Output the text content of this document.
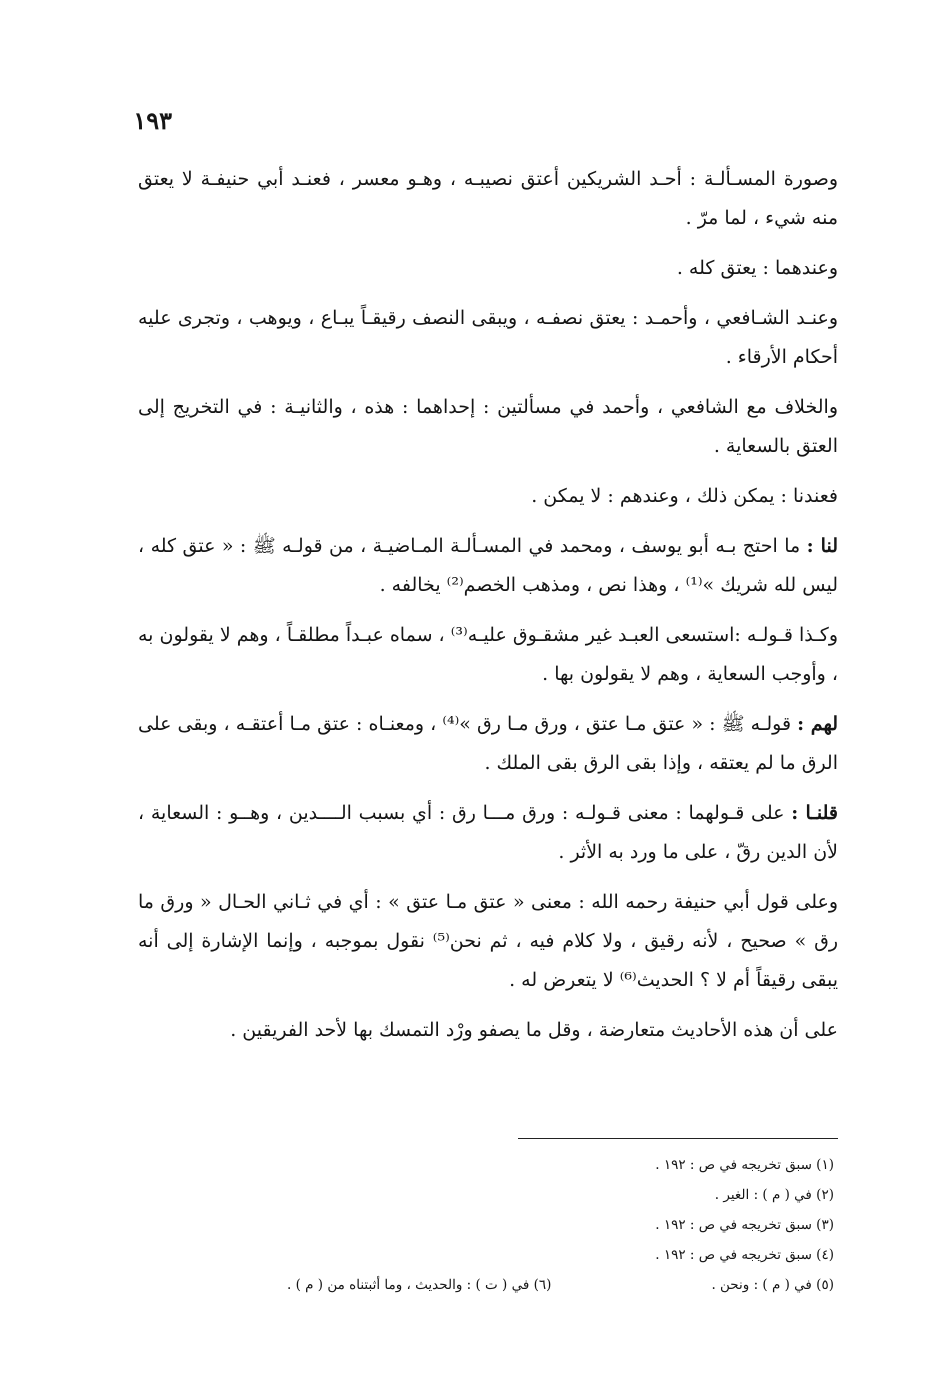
١٩٣

وصورة المسـألـة : أحـد الشريكين أعتق نصيبـه ، وهـو معسر ، فعنـد أبي حنيفـة لا يعتق منه شيء ، لما مرّ .

وعندهما : يعتق كله .

وعنـد الشـافعي ، وأحمـد : يعتق نصفـه ، ويبقى النصف رقيقـاً يبـاع ، ويوهب ، وتجرى عليه أحكام الأرقاء .

والخلاف مع الشافعي ، وأحمد في مسألتين : إحداهما : هذه ، والثانيـة : في التخريج إلى العتق بالسعاية .

فعندنا : يمكن ذلك ، وعندهم : لا يمكن .

لنا : ما احتج بـه أبو يوسف ، ومحمد في المسـألـة المـاضيـة ، من قولـه ﷺ : « عتق كله ، ليس لله شريك »⁽¹⁾ ، وهذا نص ، ومذهب الخصم⁽²⁾ يخالفه .

وكـذا قـولـه :استسعى العبـد غير مشقـوق عليـه⁽³⁾ ، سماه عبـداً مطلقـاً ، وهم لا يقولون به ، وأوجب السعاية ، وهم لا يقولون بها .

لهم : قولـه ﷺ : « عتق مـا عتق ، ورق مـا رق »⁽⁴⁾ ، ومعنـاه : عتق مـا أعتقـه ، وبقى على الرق ما لم يعتقه ، وإذا بقى الرق بقى الملك .

قلنـا : على قـولهما : معنى قـولـه : ورق مـــا رق : أي بسبب الــــدين ، وهــو : السعاية ، لأن الدين رقّ ، على ما ورد به الأثر .

وعلى قول أبي حنيفة رحمه الله : معنى « عتق مـا عتق » : أي في ثـاني الحـال « ورق ما رق » صحيح ، لأنه رقيق ، ولا كلام فيه ، ثم نحن⁽⁵⁾ نقول بموجبه ، وإنما الإشارة إلى أنه يبقى رقيقاً أم لا ؟ الحديث⁽⁶⁾ لا يتعرض له .

على أن هذه الأحاديث متعارضة ، وقل ما يصفو ورْد التمسك بها لأحد الفريقين .

(١) سبق تخريجه في ص : ١٩٢ .
(٢) في ( م ) : الغير .
(٣) سبق تخريجه في ص : ١٩٢ .
(٤) سبق تخريجه في ص : ١٩٢ .
(٥) في ( م ) : ونحن .
(٦) في ( ت ) : والحديث ، وما أثبتناه من ( م ) .
